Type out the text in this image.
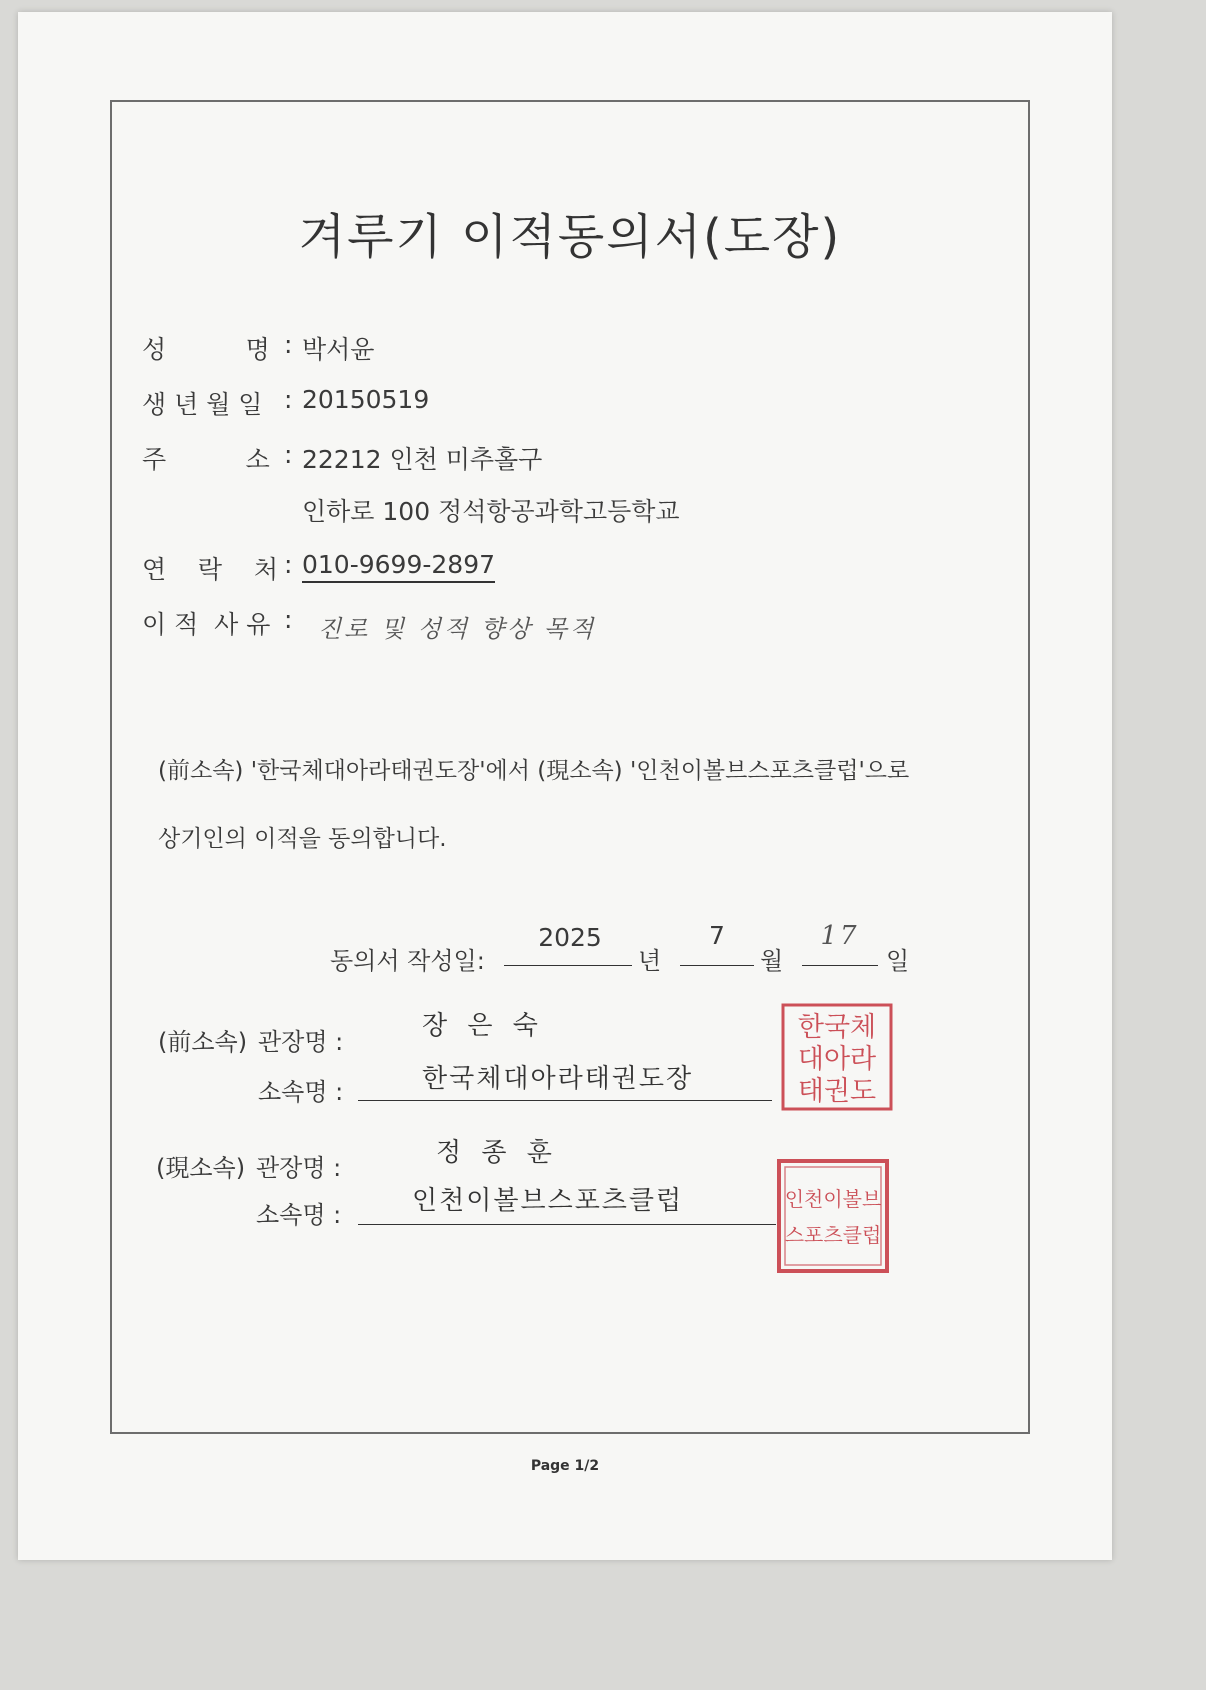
겨루기 이적동의서(도장)
성          명 : 박서윤
생 년 월 일 : 20150519
주          소 : 22212 인천 미추홀구
인하로 100 정석항공과학고등학교
연    락    처 : 010-9699-2897
이 적  사 유 : 진로 및 성적 향상 목적
(前소속) '한국체대아라태권도장'에서 (現소속) '인천이볼브스포츠클럽'으로
상기인의 이적을 동의합니다.
동의서 작성일:
2025
년
7
월
17
일
(前소속) 관장명 :
장 은 숙
소속명 :	한국체대아라태권도장
한국체
대아라
태권도
(現소속) 관장명 :	정 종 훈
소속명 :	인천이볼브스포츠클럽	인천이볼브
스포츠클럽
Page 1/2
